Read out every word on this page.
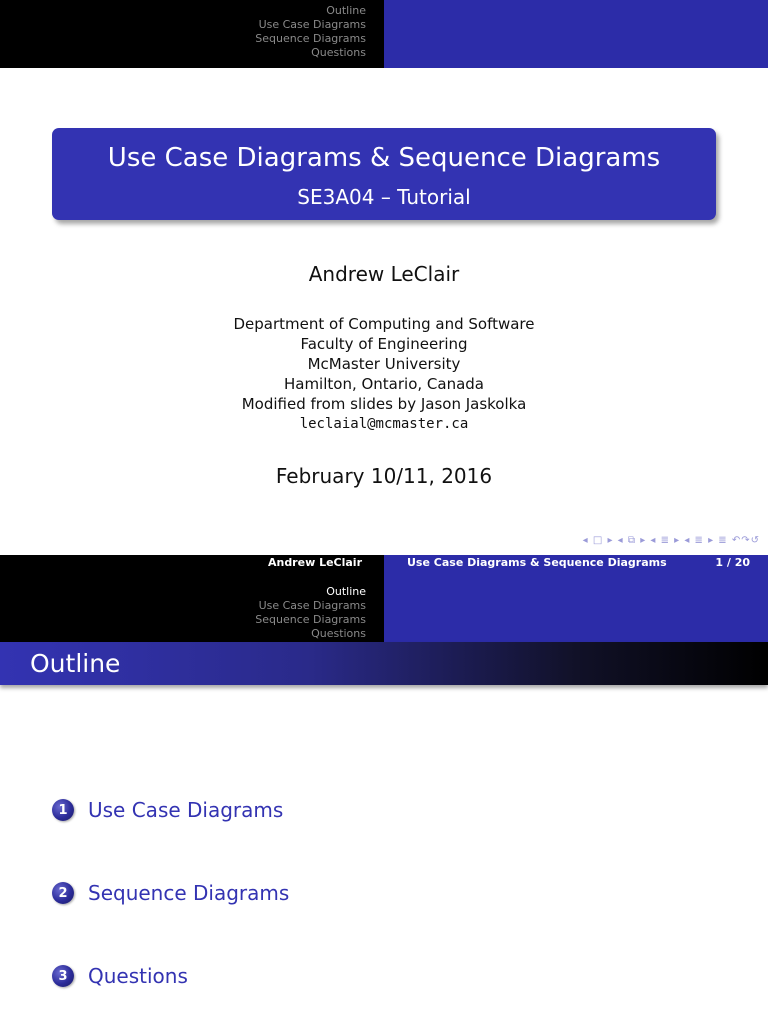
Outline
Use Case Diagrams
Sequence Diagrams
Questions
Use Case Diagrams & Sequence Diagrams
SE3A04 – Tutorial
Andrew LeClair
Department of Computing and Software
Faculty of Engineering
McMaster University
Hamilton, Ontario, Canada
Modified from slides by Jason Jaskolka
leclaial@mcmaster.ca
February 10/11, 2016
◂ □ ▸ ◂ ⧉ ▸ ◂ ≣ ▸ ◂ ≣ ▸ ≣ ↶↷↺
Andrew LeClair	Use Case Diagrams & Sequence Diagrams	1 / 20
Outline
Use Case Diagrams
Sequence Diagrams
Questions
Outline
1	Use Case Diagrams
2	Sequence Diagrams
3	Questions
